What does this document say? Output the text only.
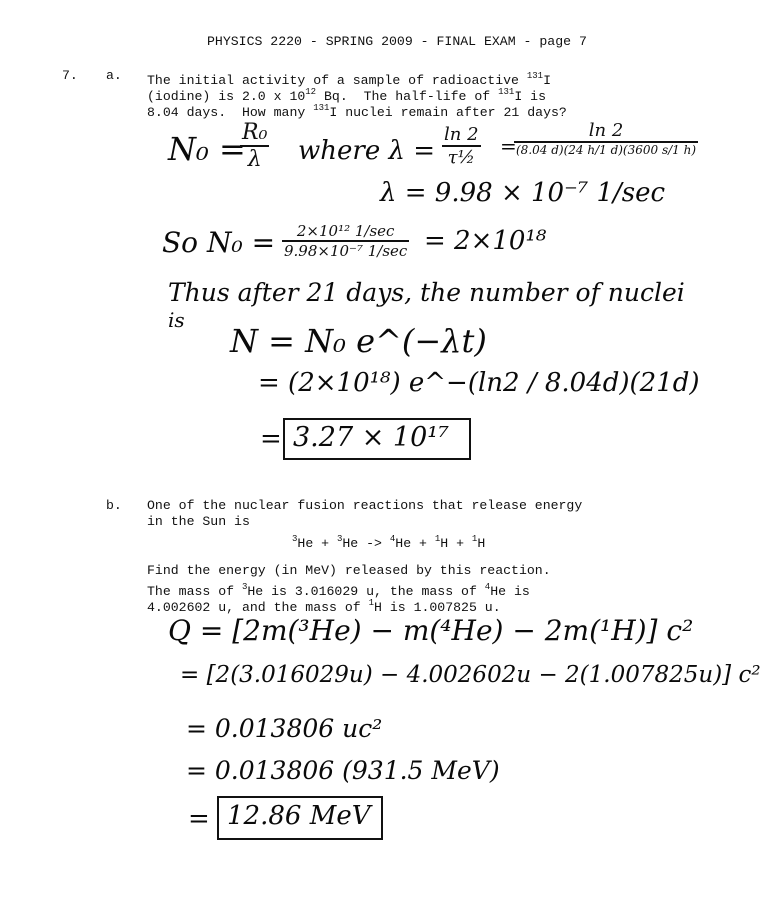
PHYSICS 2220 - SPRING 2009 - FINAL EXAM - page 7
7. a. The initial activity of a sample of radioactive $^{131}$I
(iodine) is 2.0 x $10^{12}$ Bq.  The half-life of $^{131}$I is
8.04 days.  How many $^{131}$I nuclei remain after 21 days?
N₀ =
$\frac{\text{R₀}}{\lambda}$ where $\lambda = \frac{\ln 2}{\text{τ½}}$ =
ln 2
(8.04 d)(24 h/1 d)(3600 s/1 h)
λ = 9.98 × 10⁻⁷ 1/sec
So N₀ =	2×10¹² 1/sec
9.98×10⁻⁷ 1/sec = 2×10¹⁸
Thus after 21 days, the number of nuclei
is
N = N₀ e^(−λt)
= (2×10¹⁸) e^−(ln2 / 8.04d)(21d)
= 3.27 × 10¹⁷
b. One of the nuclear fusion reactions that release energy
in the Sun is
$^3$He + $^3$He -> $^4$He + $^1$H + $^1$H
Find the energy (in MeV) released by this reaction.
The mass of $^3$He is 3.016029 u, the mass of $^4$He is
4.002602 u, and the mass of $^1$H is 1.007825 u.
Q = [2m(³He) − m(⁴He) − 2m(¹H)] c²
= [2(3.016029u) − 4.002602u − 2(1.007825u)] c²
= 0.013806 uc²
= 0.013806 (931.5 MeV)
= 12.86 MeV
